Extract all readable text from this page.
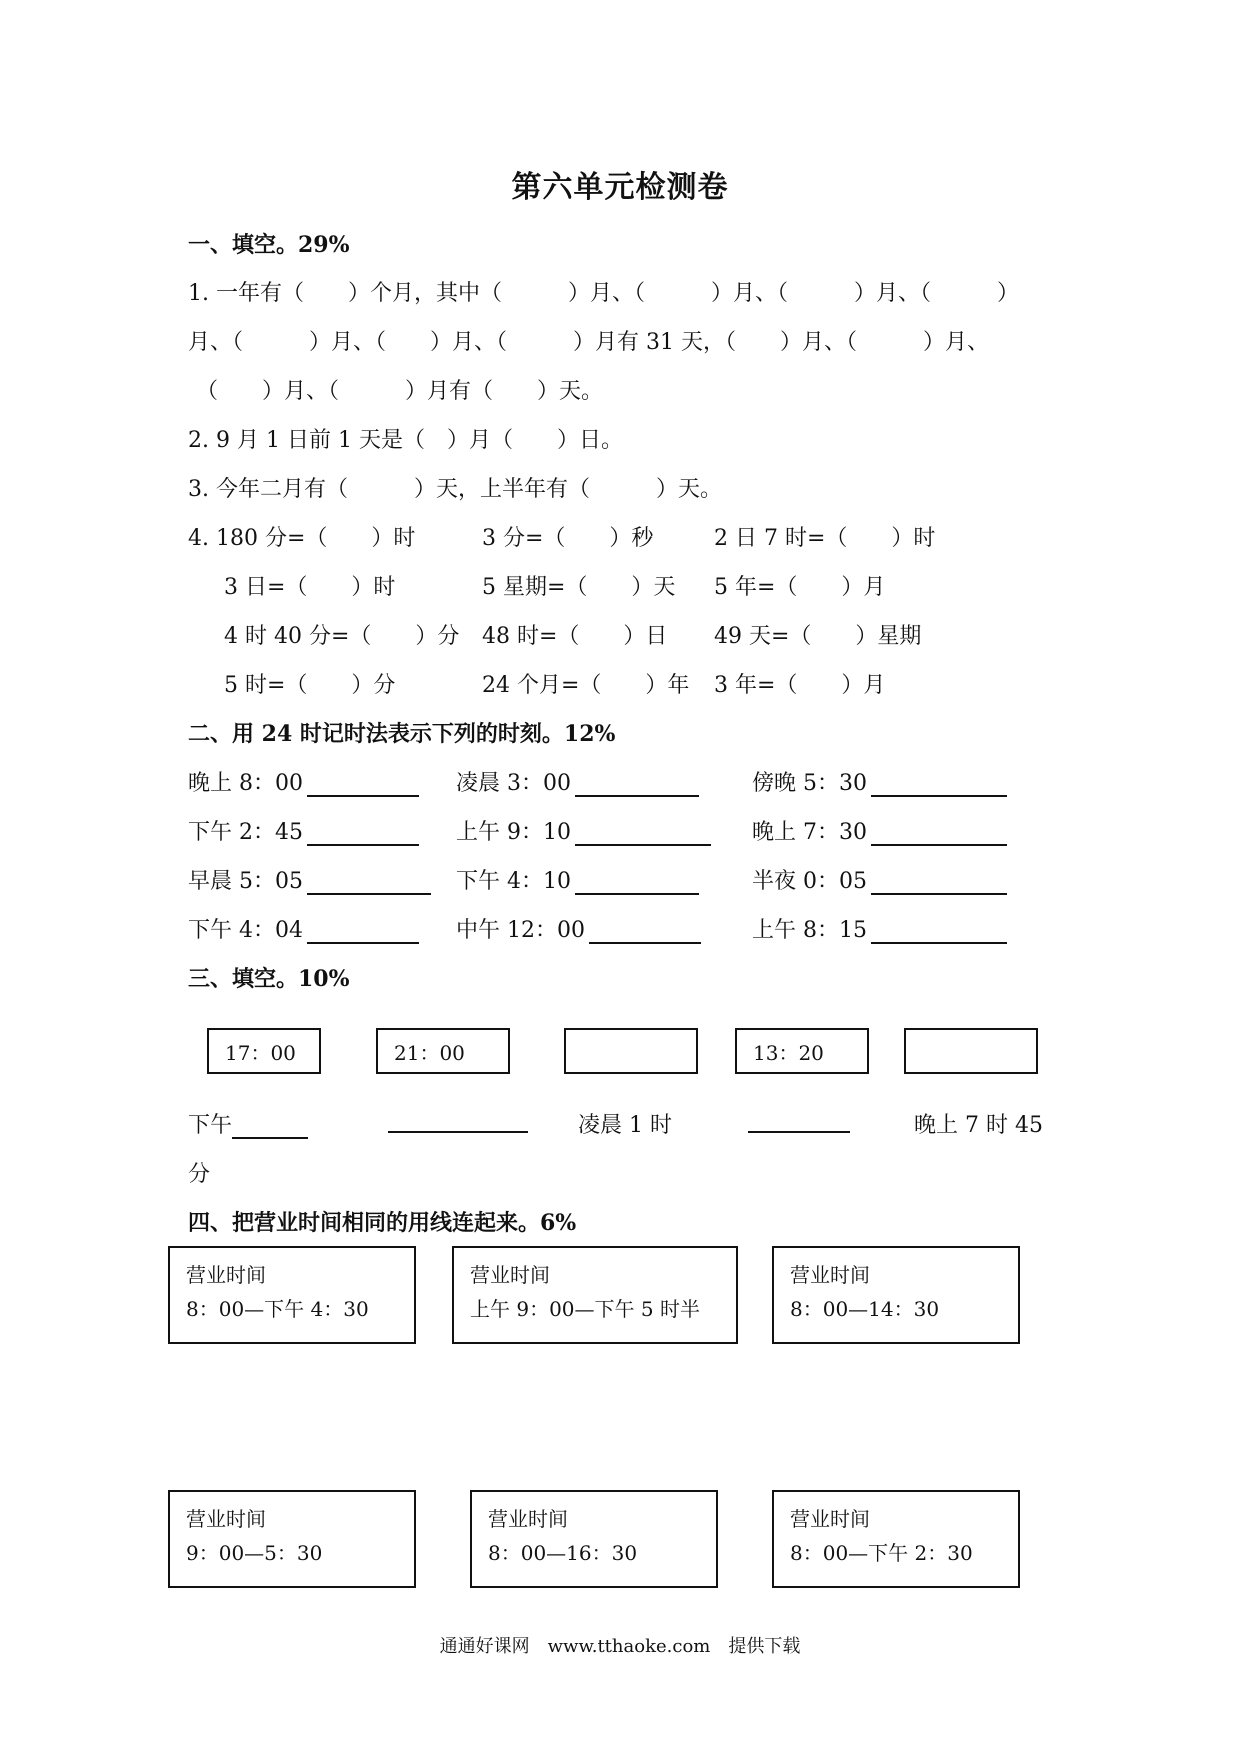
第六单元检测卷
一、填空。29%
1. 一年有（　　）个月，其中（　　　）月、（　　　）月、（　　　）月、（　　　）
月、（　　　）月、（　　）月、（　　　）月有 31 天，（　　）月、（　　　）月、
（　　）月、（　　　）月有（　　）天。
2. 9 月 1 日前 1 天是（　）月（　　）日。
3. 今年二月有（　　　）天，上半年有（　　　）天。
4. 180 分=（　　）时	3 分=（　　）秒	2 日 7 时=（　　）时
3 日=（　　）时	5 星期=（　　）天 5 年=（　　）月
4 时 40 分=（　　）分 48 时=（　　）日 49 天=（　　）星期
5 时=（　　）分	24 个月=（　　）年 3 年=（　　）月
二、用 24 时记时法表示下列的时刻。12%
晚上 8：00	凌晨 3：00	傍晚 5：30
下午 2：45	上午 9：10	晚上 7：30
早晨 5：05	下午 4：10	半夜 0：05
下午 4：04	中午 12：00	上午 8：15
三、填空。10%
17：00	21：00	13：20
下午	凌晨 1 时	晚上 7 时 45
分
四、把营业时间相同的用线连起来。6%
营业时间
8：00—下午 4：30
营业时间
上午 9：00—下午 5 时半
营业时间
8：00—14：30
营业时间
9：00—5：30
营业时间
8：00—16：30
营业时间
8：00—下午 2：30
通通好课网　www.tthaoke.com　提供下载
